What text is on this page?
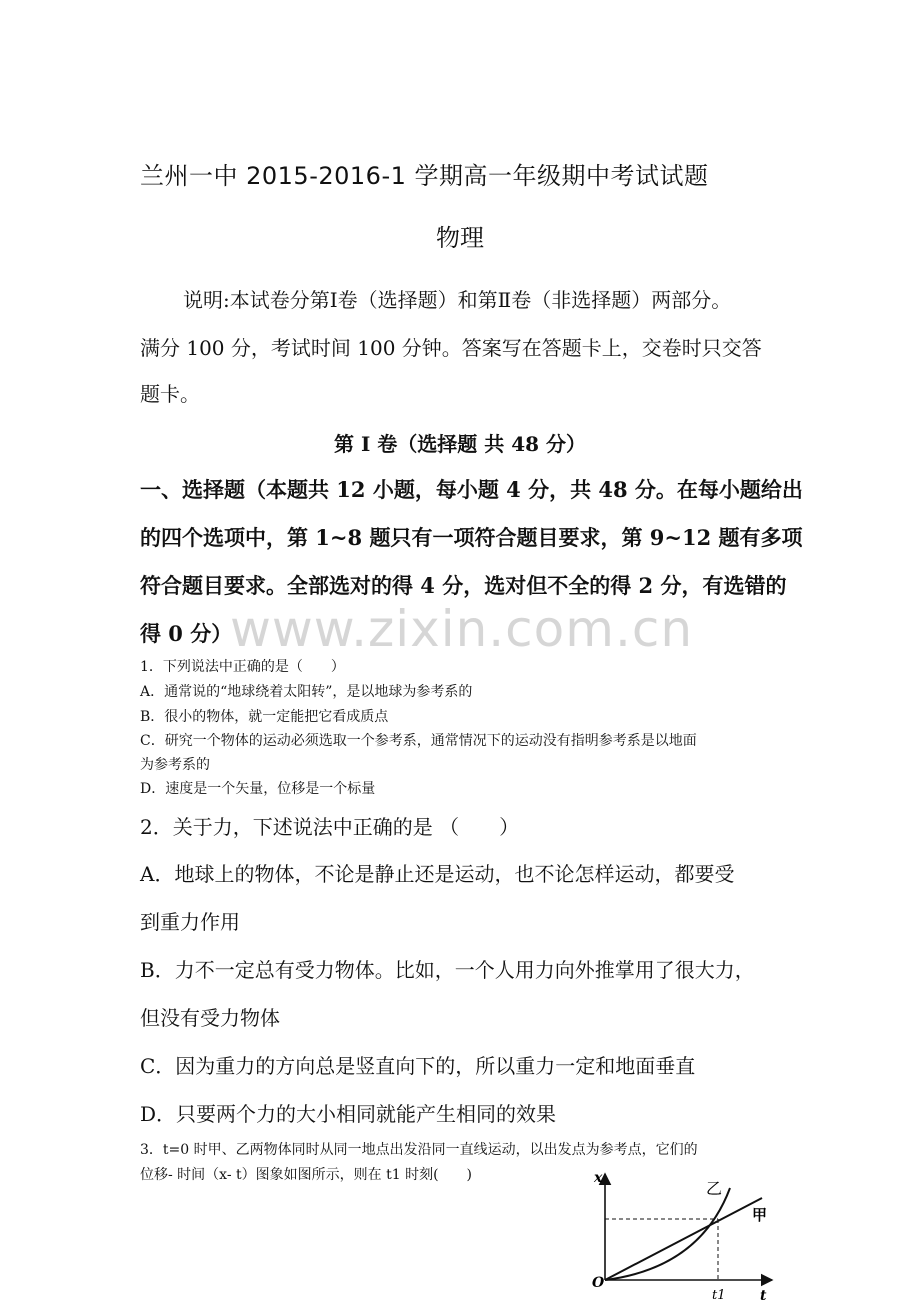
兰州一中 2015-2016-1 学期高一年级期中考试试题
物理
说明:本试卷分第Ⅰ卷（选择题）和第Ⅱ卷（非选择题）两部分。
满分 100 分，考试时间 100 分钟。答案写在答题卡上，交卷时只交答
题卡。
第 I 卷（选择题 共 48 分）
一、选择题（本题共 12 小题，每小题 4 分，共 48 分。在每小题给出
的四个选项中，第 1~8 题只有一项符合题目要求，第 9~12 题有多项
符合题目要求。全部选对的得 4 分，选对但不全的得 2 分，有选错的
得 0 分）
www.zixin.com.cn
1．下列说法中正确的是（　　）
A．通常说的“地球绕着太阳转”，是以地球为参考系的
B．很小的物体，就一定能把它看成质点
C．研究一个物体的运动必须选取一个参考系，通常情况下的运动没有指明参考系是以地面
为参考系的
D．速度是一个矢量，位移是一个标量
2．关于力，下述说法中正确的是 （　　）
A．地球上的物体，不论是静止还是运动，也不论怎样运动，都要受
到重力作用
B．力不一定总有受力物体。比如，一个人用力向外推掌用了很大力，
但没有受力物体
C．因为重力的方向总是竖直向下的，所以重力一定和地面垂直
D．只要两个力的大小相同就能产生相同的效果
3．t=0 时甲、乙两物体同时从同一地点出发沿同一直线运动，以出发点为参考点，它们的
位移- 时间（x- t）图象如图所示，则在 t1 时刻(　　)	x
O
t
t1
乙
甲
